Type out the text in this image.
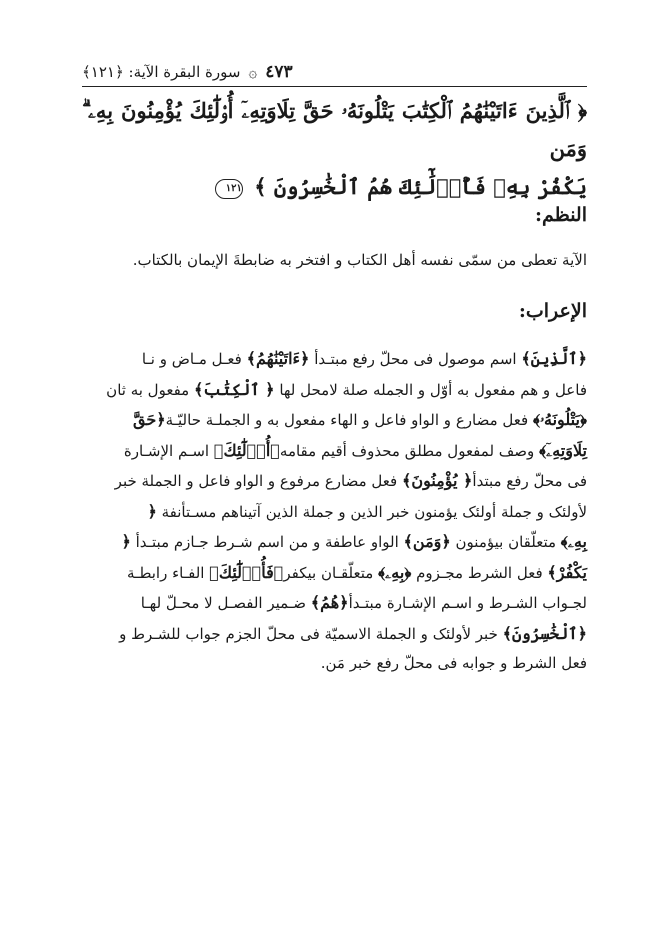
٤٧٣
۞
سورة البقرة الآية: ﴿١٢١﴾
﴿ ٱلَّذِينَ ءَاتَيْنَٰهُمُ ٱلْكِتَٰبَ يَتْلُونَهُۥ حَقَّ تِلَاوَتِهِۦٓ أُو۟لَٰٓئِكَ يُؤْمِنُونَ بِهِۦ ۗ وَمَن
يَكْفُرْ بِهِۦ فَأُو۟لَٰٓئِكَ هُمُ ٱلْخَٰسِرُونَ ﴾ ١٢١
النظم:
الآية تعطى من سمّى نفسه أهل الكتاب و افتخر به ضابطةَ الإيمان بالكتاب.
الإعراب:
﴿ٱلَّذِينَ﴾ اسم موصول فى محلّ رفع مبتـدأ ﴿ءَاتَيْنَٰهُمُ﴾ فعـل مـاض و نـا
فاعل و هم مفعول به أوّل و الجمله صلة لامحل لها ﴿ ٱلْكِتَٰبَ﴾ مفعول به ثان
﴿يَتْلُونَهُۥ﴾ فعل مضارع و الواو فاعل و الهاء مفعول به و الجملـة حاليّـة﴿حَقَّ
تِلَاوَتِهِۦٓ﴾ وصف لمفعول مطلق محذوف أقيم مقامه﴿أُو۟لَٰٓئِكَ﴾ اسـم الإشـارة
فى محلّ رفع مبتدأ﴿ يُؤْمِنُونَ﴾ فعل مضارع مرفوع و الواو فاعل و الجملة خبر
لأولئک و جملة أولئک يؤمنون خبر الذين و جملة الذين آتيناهم مسـتأنفة ﴿
بِهِۦ﴾ متعلّقان بيؤمنون ﴿وَمَن﴾ الواو عاطفة و من اسم شـرط جـازم مبتـدأ ﴿
يَكْفُرْ﴾ فعل الشرط مجـزوم ﴿بِهِۦ﴾ متعلّقـان بيكفر﴿فَأُو۟لَٰٓئِكَ﴾ الفـاء رابطـة
لجـواب الشـرط و اسـم الإشـارة مبتـدأ﴿هُمُ﴾ ضـمير الفصـل لا محـلّ لهـا
﴿ٱلْخَٰسِرُونَ﴾ خبر لأولئک و الجملة الاسميّة فى محلّ الجزم جواب للشـرط و
فعل الشرط و جوابه فى محلّ رفع خبر مَن.
